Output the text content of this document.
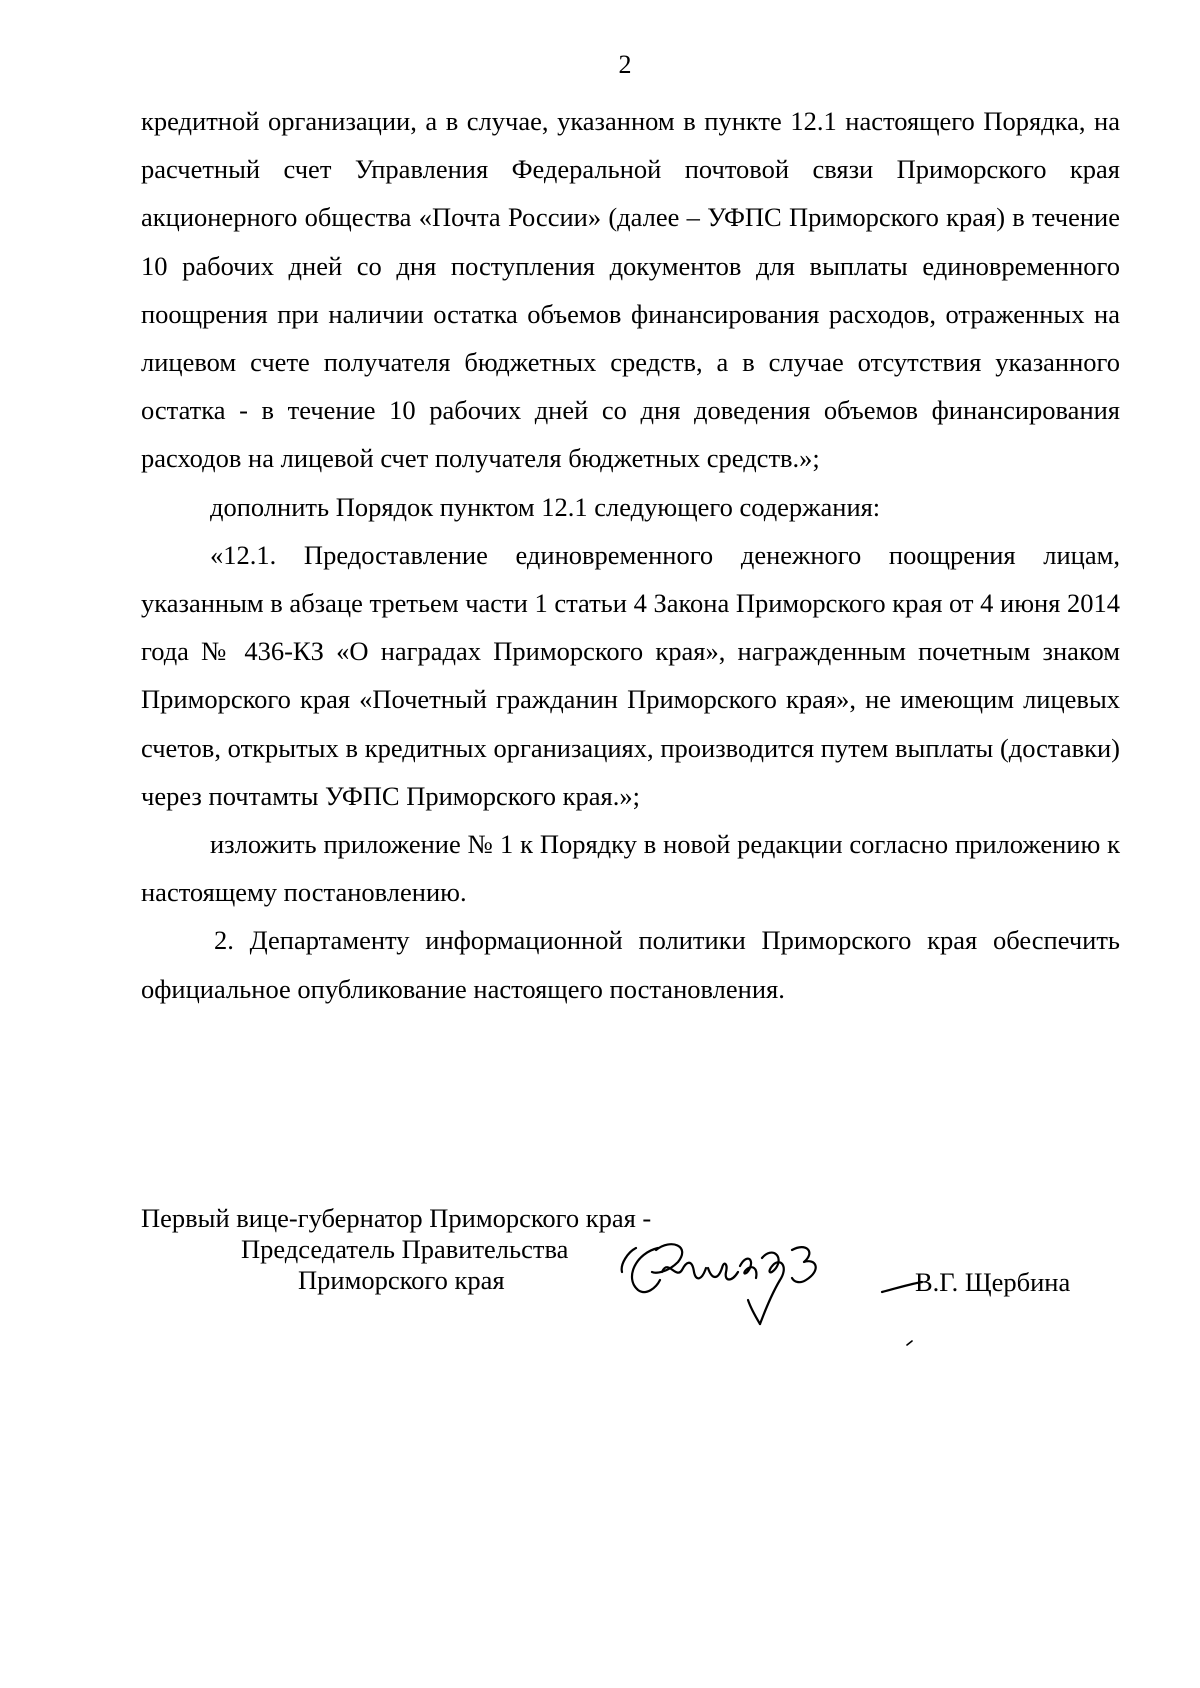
2

кредитной организации, а в случае, указанном в пункте 12.1 настоящего Порядка, на расчетный счет Управления Федеральной почтовой связи Приморского края акционерного общества «Почта России» (далее – УФПС Приморского края) в течение 10 рабочих дней со дня поступления документов для выплаты единовременного поощрения при наличии остатка объемов финансирования расходов, отраженных на лицевом счете получателя бюджетных средств, а в случае отсутствия указанного остатка - в течение 10 рабочих дней со дня доведения объемов финансирования расходов на лицевой счет получателя бюджетных средств.»;

дополнить Порядок пунктом 12.1 следующего содержания:

«12.1. Предоставление единовременного денежного поощрения лицам, указанным в абзаце третьем части 1 статьи 4 Закона Приморского края от 4 июня 2014 года № 436-КЗ «О наградах Приморского края», награжденным почетным знаком Приморского края «Почетный гражданин Приморского края», не имеющим лицевых счетов, открытых в кредитных организациях, производится путем выплаты (доставки) через почтамты УФПС Приморского края.»;

изложить приложение № 1 к Порядку в новой редакции согласно приложению к настоящему постановлению.

2. Департаменту информационной политики Приморского края обеспечить официальное опубликование настоящего постановления.

Первый вице-губернатор Приморского края -

Председатель Правительства

Приморского края	В.Г. Щербина
